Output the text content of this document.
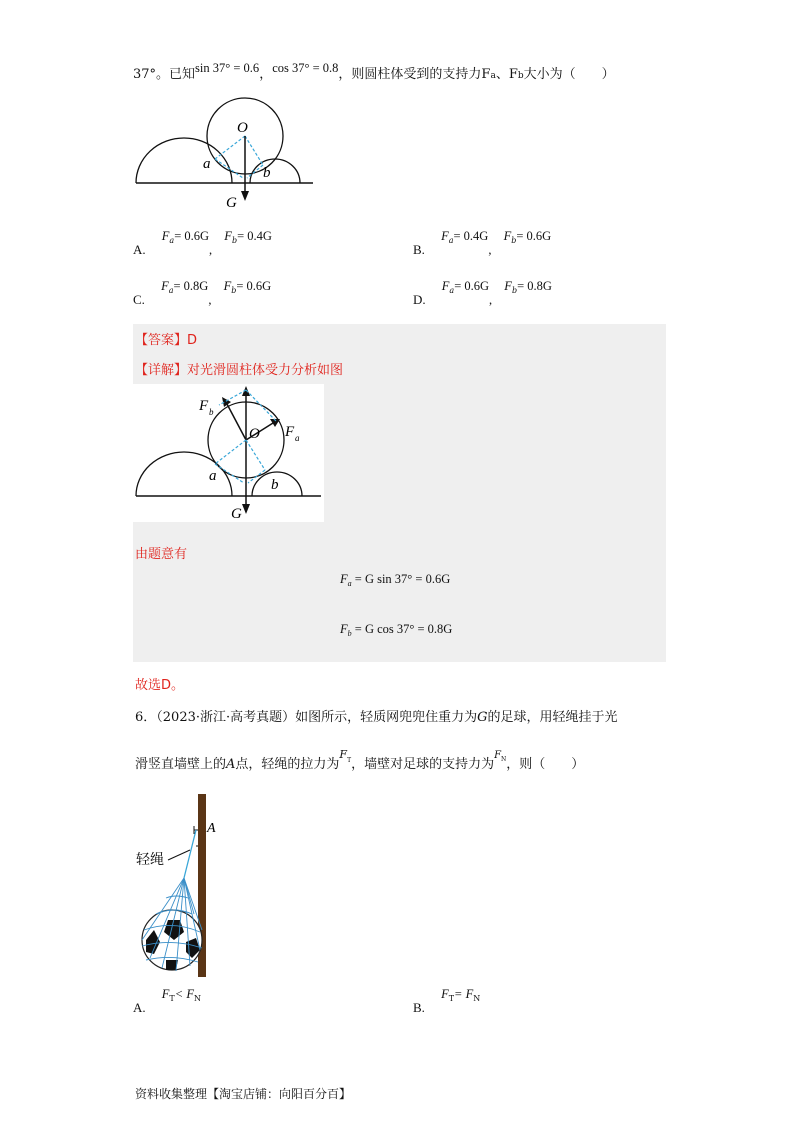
37°。已知sin 37° = 0.6，cos 37° = 0.8，则圆柱体受到的支持力Fa、Fb大小为（　　）
O
a
b
G
A. $F_a= 0.6G$, $F_b= 0.4G$
B. $F_a= 0.4G$, $F_b= 0.6G$
C. $F_a= 0.8G$, $F_b= 0.6G$
D. $F_a= 0.6G$, $F_b= 0.8G$
【答案】D
【详解】对光滑圆柱体受力分析如图
F b
F a
O
a
b
G
由题意有
$F_a = G$ sin 37° = 0.6G
$F_b = G$ cos 37° = 0.8G
故选D。
6．（2023·浙江·高考真题）如图所示，轻质网兜兜住重力为G的足球，用轻绳挂于光
滑竖直墙壁上的A点，轻绳的拉力为$^{FT}$，墙壁对足球的支持力为$^{FN}$，则（　　）
A
轻绳
A. $F_T< F_N$
B. $F_T= F_N$
资料收集整理【淘宝店铺：向阳百分百】
